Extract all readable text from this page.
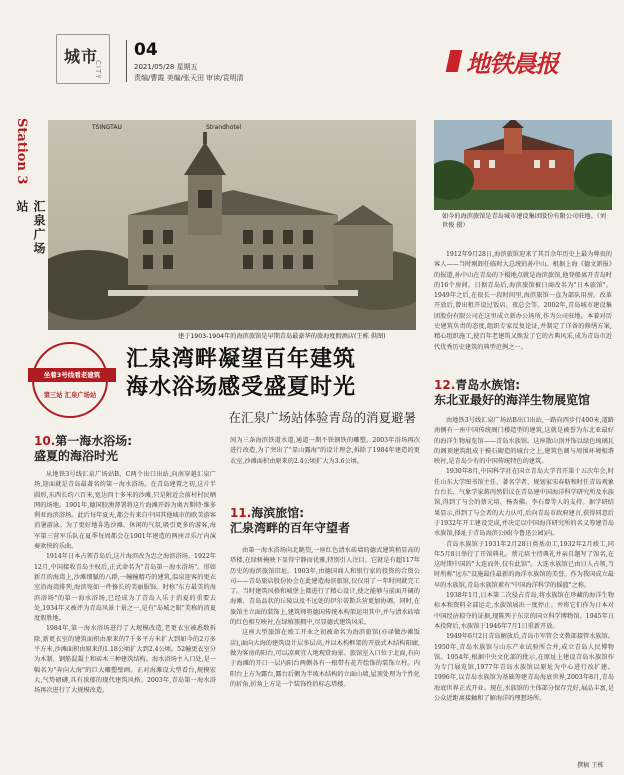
城市
CITY
04
2021/05/28 星期五
责编/曹霞 美编/张天田 审读/袁明清	地铁晨报
Station 3
汇泉广场站
TSINGTAU	Strandhotel
建于1903-1904年的海滨旅馆是早期青岛最豪华的旅海度假酒店(王栋 供图)
如今的海滨旅馆是青岛城市建设集团股份有限公司驻地。（刘世俊 摄）
坐着3号线看老建筑
第三站 汇泉广场站
汇泉湾畔凝望百年建筑
海水浴场感受盛夏时光
在汇泉广场站体验青岛的消夏避暑

1912年9月28日,海滨旅馆迎来了其百余年历史上最为尊贵的客人——当时刚卸任临时大总统的孙中山。根据上海《德文新报》的报道,孙中山在青岛的下榻地点就是海滨旅馆,他登船离开青岛时的16个房间。日据青岛后,海滨旅馆被日商改名为"日本旅馆"。1949年之后,在很长一段时间里,海滨旅馆一直为部队用房。改革开放后,曾出租开设过饭店、夜总会等。2002年,青岛城市建设集团股份有限公司在这里成立新办公场所,作为公司驻地。本着对历史建筑负责的态度,组织专家反复论证,并制定了详备的修缮方案,精心组织施工,使百年老建筑又焕发了它的古典风采,成为青岛市近代优秀历史建筑的典型范例之一。

12.青岛水族馆:
东北亚最好的海洋生物展览馆

由地铁3号线汇泉广场站B出口出站,一路向西步行400米,道路南侧有一座中国传统阁门楼造型的建筑,这就是被誉为东北亚最好的海洋生物展览馆——青岛水族馆。这座散山顶并饰以绿色琉璃瓦的阁顶建筑组成于模石砌造的城台之上,建筑色调与周围环境相谐映衬,是青岛少有的中国传统特色的建筑。

1930年8月,中国科学社在国立青岛大学召开第十五次年会,时任山东大学图书馆主任、著名学者、规划家宋春舫和时任青岛观象台台长、气象学家蒋丙然倡议在青岛建中国海洋科学研究所及水族馆,得到了与会的蔡元培、杨杏佛、李石曾等人的支持。据学研结果显示,得到了与会者的大力认可,后向青岛市政府建言,获得同意后于1932年开工建设完成,并决定以中国海洋研究所的名义筹建青岛水族馆,择址于青岛海滨公园(今鲁迅公园)内。

青岛水族馆于1931年2月28日奠基动工,1932年2月竣工,同年5月8日举行了开馆典礼。蔡元培主持典礼并亲自题写了馆名,在这时期中国的"大连而外,仅有此馆"。大连水族馆已由日人占领,当时所称"远东"设施最佳最新的海洋水族馆的美誉。作为我国成立最早的水族馆,青岛水族馆素有"中国海洋科学的摇篮"之称。

1938年1月,日本第二次侵占青岛,将水族馆在珍藏的海洋生物标本和资料全部运走,水族馆展出一度停止。并将它们作为日本对中国经济掠夺的证据,现陈列于东京的国立科学博物馆。1945年日本投降后,水族馆于1946年7月1日重新开放。

1949年6月2日青岛解放后,青岛市军管会文教部接管水族馆。1950年,青岛水族馆与山东产业试验所合并,成立青岛人民博物馆。1954年,根据中央文化部的批示,在原址上建设青岛水族馆作为专门展览馆,1977年青岛水族馆以原址为中心进行改扩建。1996年,以青岛水族馆为基础筹建青岛海底世界,2003年8月,青岛海底世界正式开业。现在,水族馆的主体部分保存完好,展品丰富,是公众近距离接触和了解海洋的理想场所。

撰稿 王栋
10.第一海水浴场:
盛夏的海浴时光

从地铁3号线汇泉广场站B、C两个出口出站,向南穿越汇泉广场,迎面就是青岛最著名的第一海水浴场。在青岛建置之初,这片半圆形,东西长约六百米,宽达四十多米的沙滩,只是附近会前村村民晒网的场地。1901年,德国胶澳督署将这片海滩开辟为奥古斯特·维多利亚海滨浴场。此后每年夏天,都会有来自中国其他城市的欧美游客消暑游泳。为了更好地휴选沙滩、休闲的气氛,吸引更多的游客,海军第三营军乐队在夏季每周都会在1901年建造的两座音乐厅内演奏欢快的乐曲。

1914年日本占领青岛后,这片海滨改为忠之海滨浴场。1922年12月,中国接收青岛主权后,正式命名为"青岛第一海水浴场"。形如新月的海湾上,沙滩细腻的八群,一幢幢精巧的建筑,温泉迎客的更衣室沿海湾排列,海滨宛如一件修长的美丽服饰。时称"东方最美的海滨浴场"的第一海水浴场,已经成为了青岛人乐于消夏的重要去处,1934年又被评为青岛风景十景之一,是有"岛城之眼"美称的消夏度假胜地。

1984年,第一海水浴场进行了大规模改造,老更衣室被悉数拆除,新更衣室的建筑面积由原来的7千多平方米扩大到如今的2万多平方米,沙滩面积由原来的1.18公顷扩大到2.4公顷。52幢更衣室分为木制、钢筋混凝土和砖木三种建筑结构。海水浴场主入口处,是一幅名为"奔向大海"的巨大雕塑壁画。正对海滩设大型看台,规模宏大,气势磅礴,具有浓郁的现代建筑风格。2003年,青岛第一海水浴场再次进行了大规模改造。

间为三条海滨铁道水道,通道一期不铁钢铁的雕塑。2003年浴场再次进行改造,为了突出了"显山露海"的设计理念,拆除了1984年建造的更衣室,沙滩面积由原来的2.4公顷扩大为3.6公顷。

11.海滨旅馆:
汇泉湾畔的百年守望者

由第一海水浴场向北眺望,一座红色清水砖墙的德式建筑稍显高的塔楼,在绿树掩映下显得宁静而优雅,特别引人注目。它就是有超117年历史的海滨旅馆旧址。1903年,由德国商人和银行家的投资的合资公司——青岛旅店股份协会在此建造海滨旅馆,仅仅用了一年时间就完工了。当时建筑风格和城堡上都进行了精心设计,使之能够与前面开阔的海滩、青岛品状的丘陵以及不远处的伊尔蒂斯兵营更加协调。同时,在旅馆主立面的装饰上,建筑师将德国传统木构架运用其中,并与清水砖墙的红色相互映衬,在绿植簇拥中,尽显德式建筑风采。

这座大型旅馆在竣工开业之初被命名为海滨旅馆(亦译做沙滩饭店),面向大海的建筑设计层多层高,并以木构框架的开放式木结构阳廊,做为客房的阳台,可以凉爽宜人地观赏海景。旅馆室入口位于北面,有向于海滩的开口一层内阳台两侧各有一根带有花卉绘饰的装饰立柱。内阳台上方为露台,露台后侧为半坡木结构的立面山墙,屋顶处理为个性化的折角,折角上方是一个装饰性的标志塔楼。
